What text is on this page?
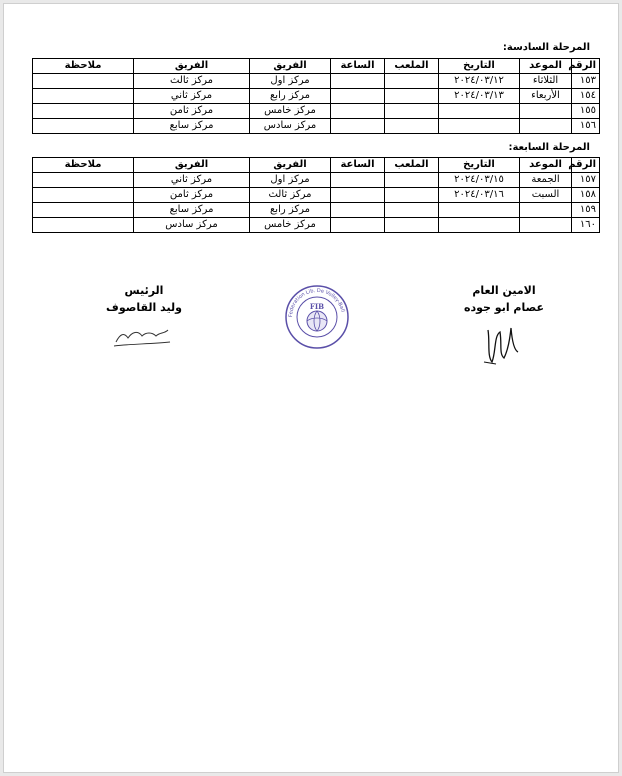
المرحلة السادسة:
الرقم	الموعد	التاريخ	الملعب	الساعة	الفريق	الفريق	ملاحظة
١٥٣	الثلاثاء	٢٠٢٤/٠٣/١٢			مركز اول	مركز ثالث	
١٥٤	الأربعاء	٢٠٢٤/٠٣/١٣			مركز رابع	مركز ثاني	
١٥٥					مركز خامس	مركز ثامن	
١٥٦					مركز سادس	مركز سابع	
المرحلة السابعة:
الرقم	الموعد	التاريخ	الملعب	الساعة	الفريق	الفريق	ملاحظة
١٥٧	الجمعة	٢٠٢٤/٠٣/١٥			مركز اول	مركز ثاني	
١٥٨	السبت	٢٠٢٤/٠٣/١٦			مركز ثالث	مركز ثامن	
١٥٩					مركز رابع	مركز سابع	
١٦٠					مركز خامس	مركز سادس	
الامين العام
عصام ابو جوده
Federation Lib. De Volley-Ball
FIB
الرئيس
وليد القاصوف
